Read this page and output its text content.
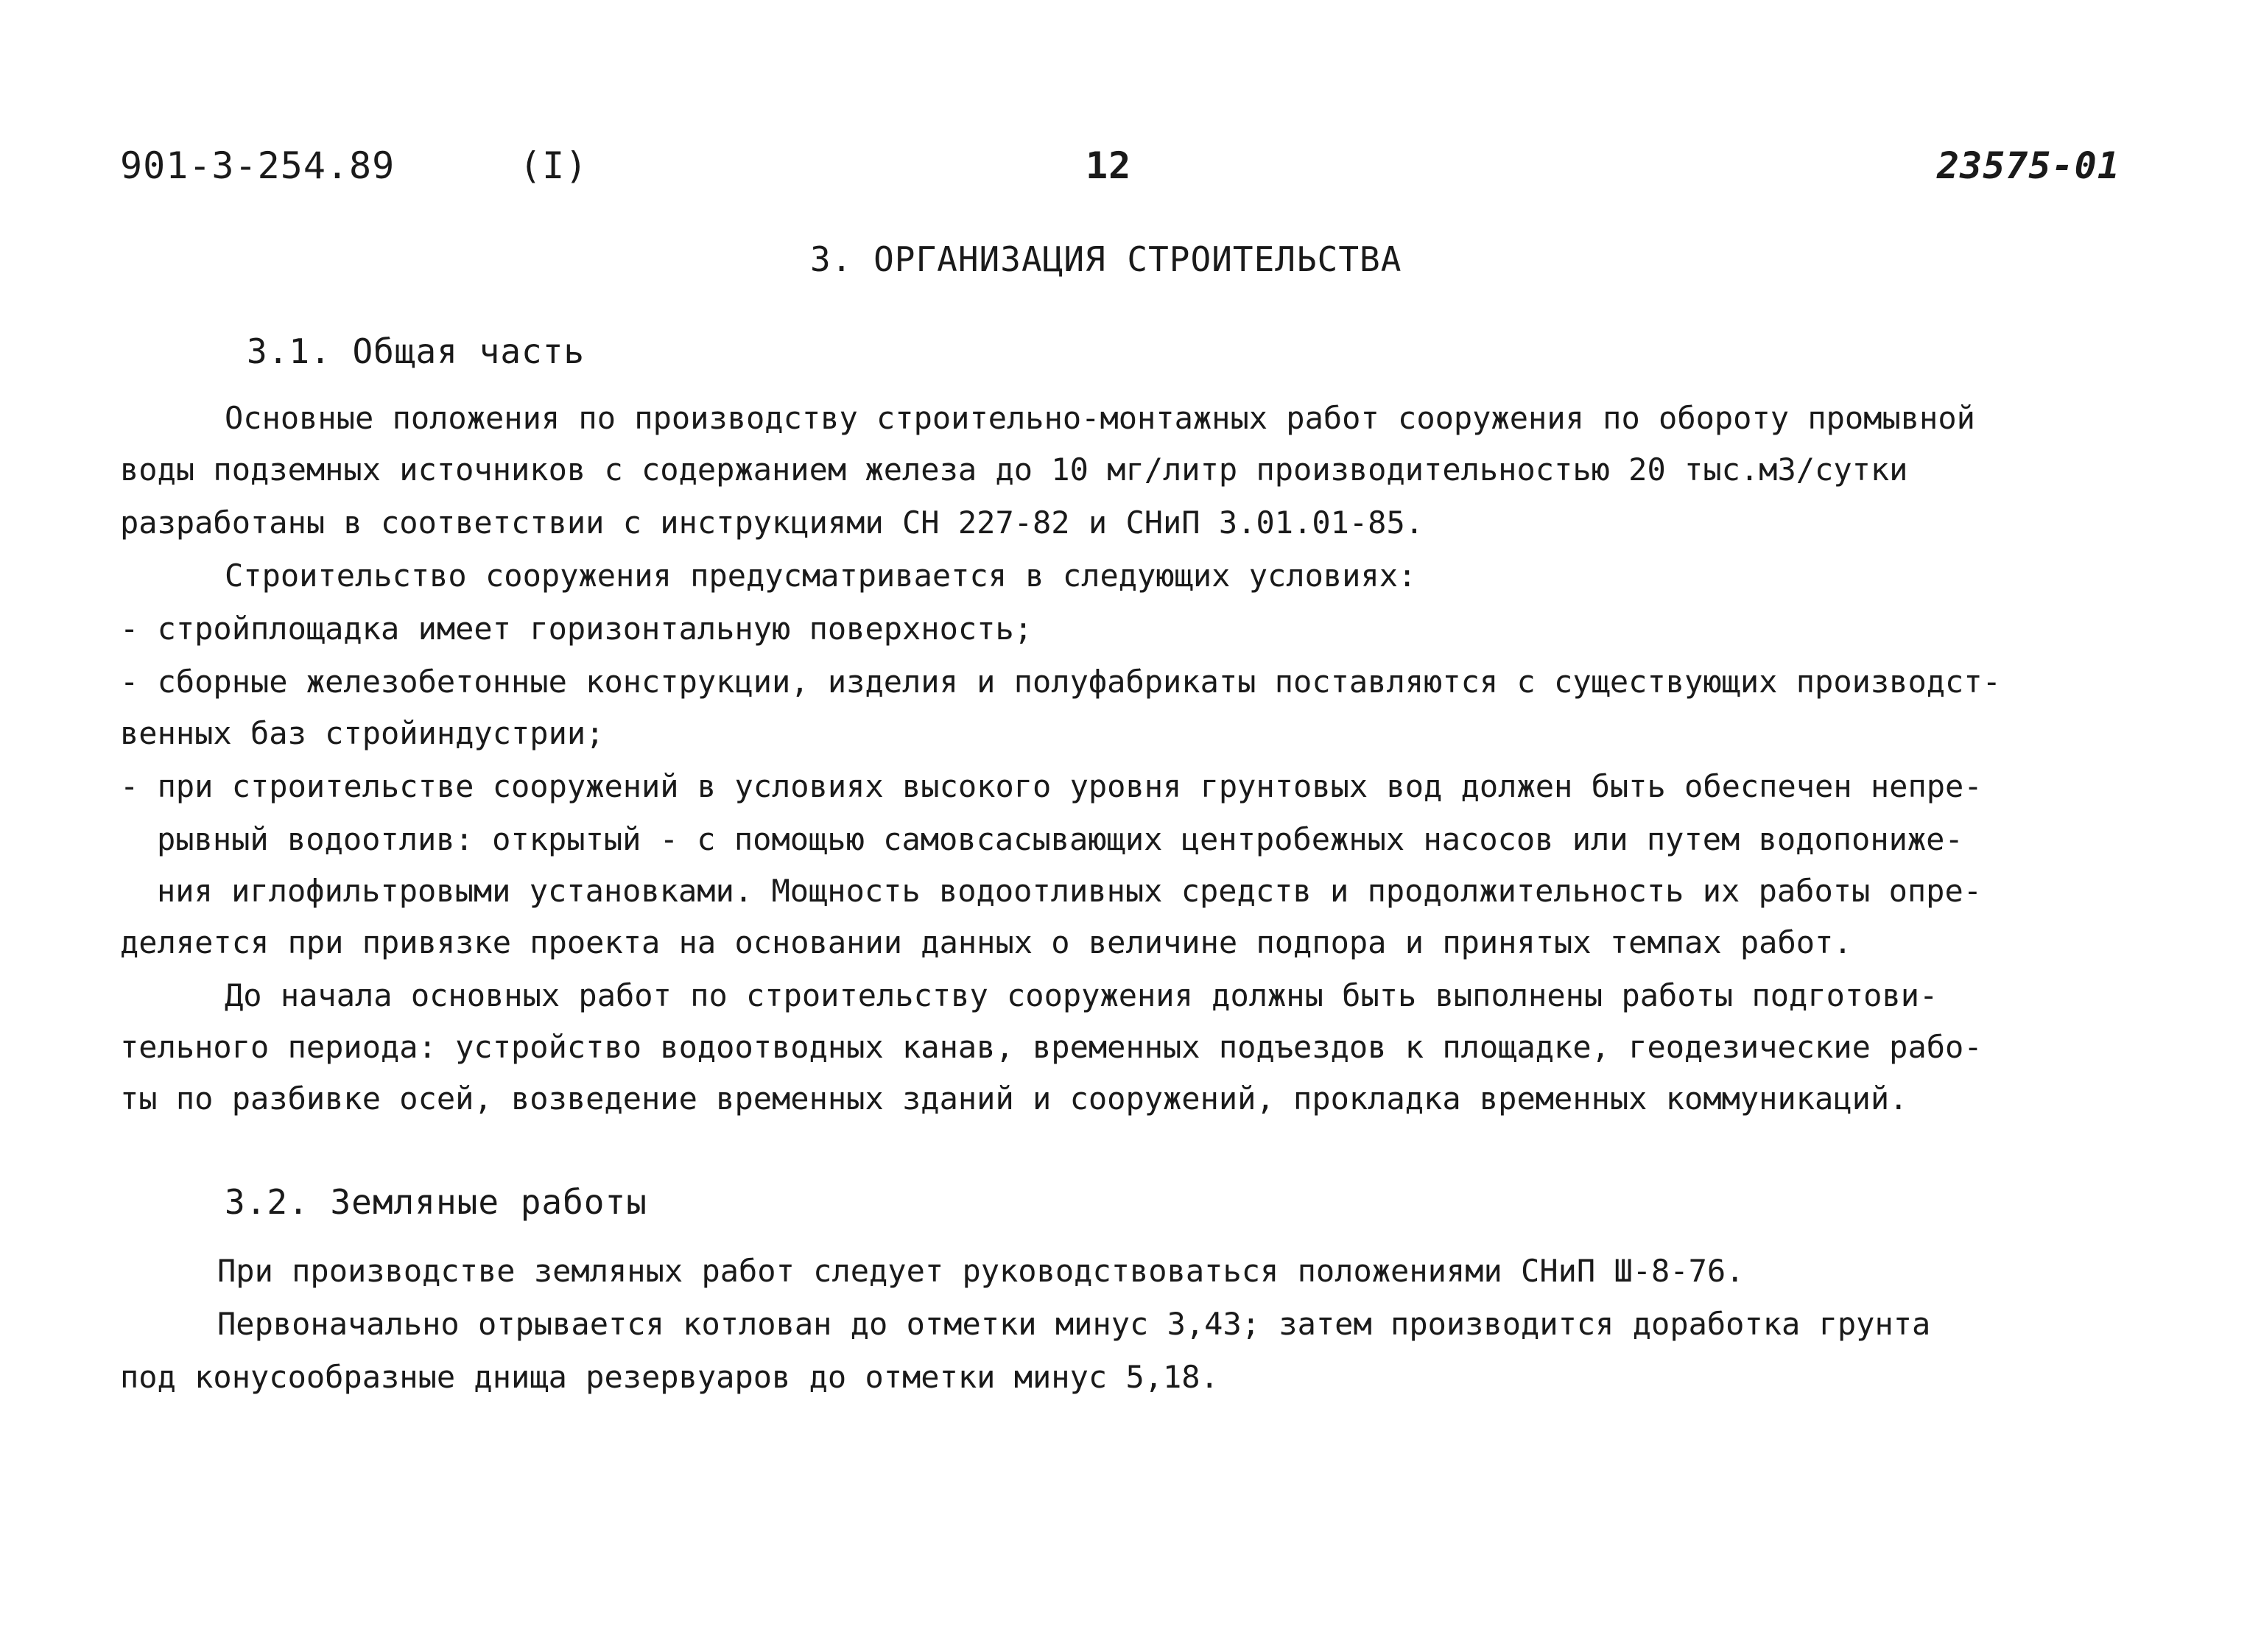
901-3-254.89	(I)	12	23575-01
3. ОРГАНИЗАЦИЯ СТРОИТЕЛЬСТВА
3.1. Общая часть
Основные положения по производству строительно-монтажных работ сооружения по обороту промывной
воды подземных источников с содержанием железа до 10 мг/литр производительностью 20 тыс.м3/сутки
разработаны в соответствии с инструкциями СН 227-82 и СНиП 3.01.01-85.
Строительство сооружения предусматривается в следующих условиях:
- стройплощадка имеет горизонтальную поверхность;
- сборные железобетонные конструкции, изделия и полуфабрикаты поставляются с существующих производст-
венных баз стройиндустрии;
- при строительстве сооружений в условиях высокого уровня грунтовых вод должен быть обеспечен непре-
рывный водоотлив: открытый - с помощью самовсасывающих центробежных насосов или путем водопониже-
ния иглофильтровыми установками. Мощность водоотливных средств и продолжительность их работы опре-
деляется при привязке проекта на основании данных о величине подпора и принятых темпах работ.
До начала основных работ по строительству сооружения должны быть выполнены работы подготови-
тельного периода: устройство водоотводных канав, временных подъездов к площадке, геодезические рабо-
ты по разбивке осей, возведение временных зданий и сооружений, прокладка временных коммуникаций.
3.2. Земляные работы
При производстве земляных работ следует руководствоваться положениями СНиП Ш-8-76.
Первоначально отрывается котлован до отметки минус 3,43; затем производится доработка грунта
под конусообразные днища резервуаров до отметки минус 5,18.
